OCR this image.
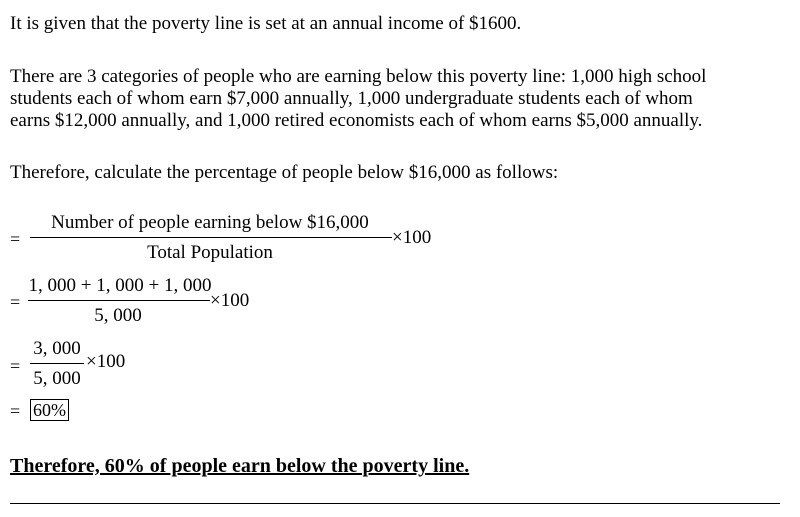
It is given that the poverty line is set at an annual income of $1600.
There are 3 categories of people who are earning below this poverty line: 1,000 high school
students each of whom earn $7,000 annually, 1,000 undergraduate students each of whom
earns $12,000 annually, and 1,000 retired economists each of whom earns $5,000 annually.
Therefore, calculate the percentage of people below $16,000 as follows:
=
Number of people earning below $16,000
Total Population
×100
=
1, 000 + 1, 000 + 1, 000
5, 000
×100
=
3, 000
5, 000
×100
= 60%
Therefore, 60% of people earn below the poverty line.
